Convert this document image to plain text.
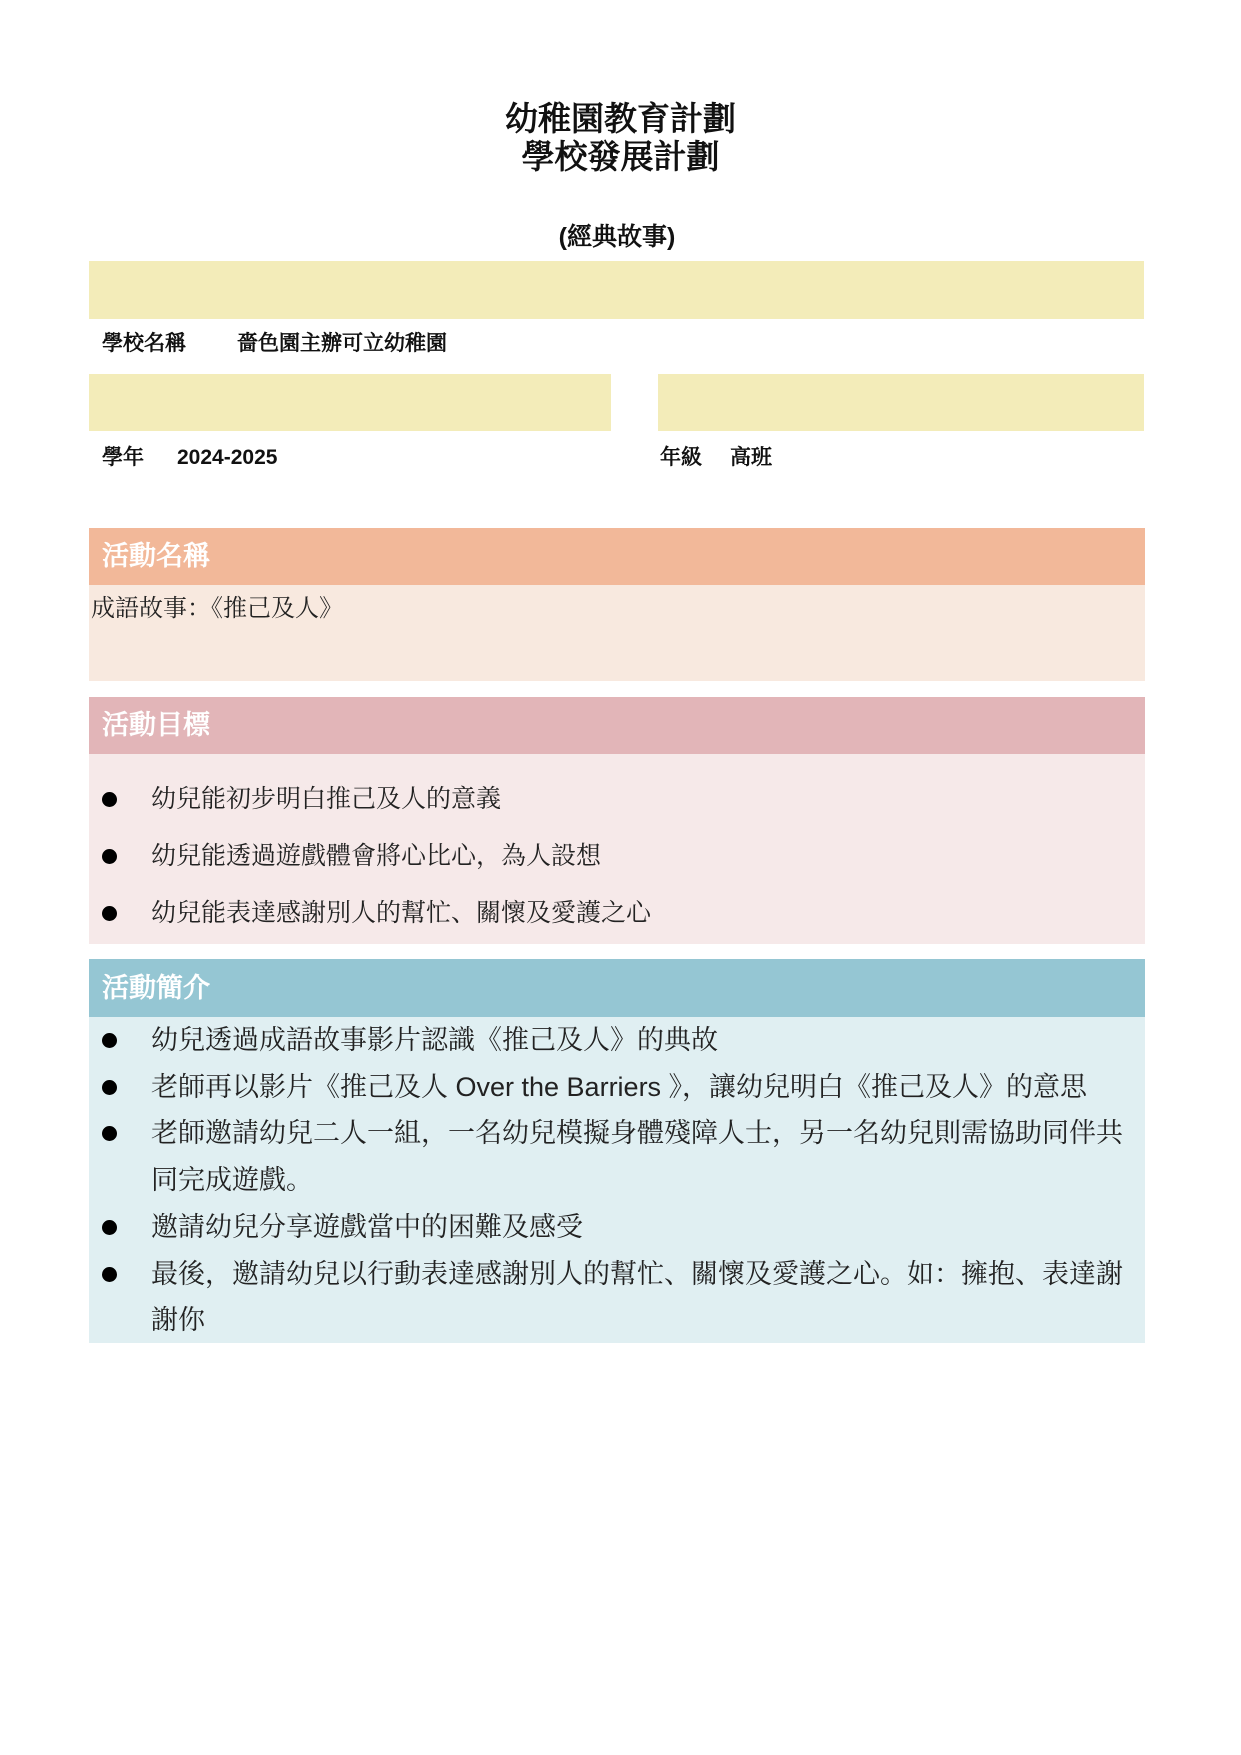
幼稚園教育計劃
學校發展計劃
(經典故事)
學校名稱 嗇色園主辦可立幼稚園
學年 2024-2025	年級 高班
活動名稱
成語故事：《推己及人》
活動目標
幼兒能初步明白推己及人的意義
幼兒能透過遊戲體會將心比心，為人設想
幼兒能表達感謝別人的幫忙、關懷及愛護之心
活動簡介
幼兒透過成語故事影片認識《推己及人》的典故
老師再以影片《推己及人 Over the Barriers 》，讓幼兒明白《推己及人》的意思
老師邀請幼兒二人一組，一名幼兒模擬身體殘障人士，另一名幼兒則需協助同伴共同完成遊戲。
邀請幼兒分享遊戲當中的困難及感受
最後，邀請幼兒以行動表達感謝別人的幫忙、關懷及愛護之心。如：擁抱、表達謝謝你
